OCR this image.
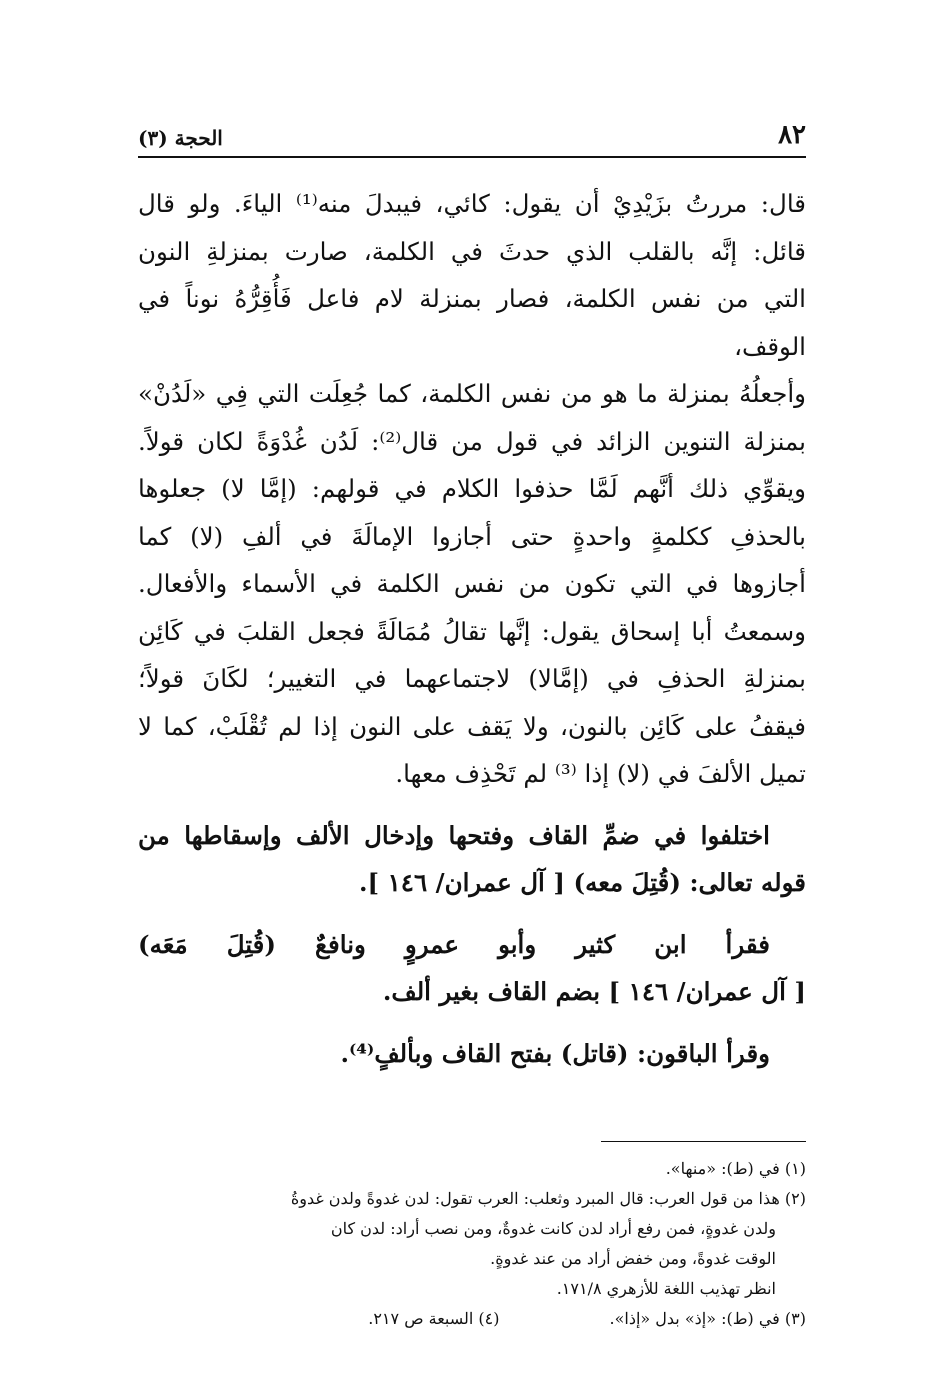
٨٢
الحجة (٣)

قال: مررتُ بزَيْدِيْ أن يقول: كائي، فيبدلَ منه⁽¹⁾ الياءَ. ولو قال
قائل: إنَّه بالقلب الذي حدثَ في الكلمة، صارت بمنزلةِ النون
التي من نفس الكلمة، فصار بمنزلة لام فاعل فَأُقِرُّهُ نوناً في الوقف،
وأجعلُهُ بمنزلة ما هو من نفس الكلمة، كما جُعِلَت التي فِي «لَدُنْ»
بمنزلة التنوين الزائد في قول من قال⁽²⁾: لَدُن غُدْوَةً لكان قولاً.
ويقوِّي ذلك أنَّهم لَمَّا حذفوا الكلام في قولهم: (إمَّا لا) جعلوها
بالحذفِ ككلمةٍ واحدةٍ حتى أجازوا الإمالَةَ في ألفِ (لا) كما
أجازوها في التي تكون من نفس الكلمة في الأسماء والأفعال.
وسمعتُ أبا إسحاق يقول: إنَّها تقالُ مُمَالَةً فجعل القلبَ في كَائِن
بمنزلةِ الحذفِ في (إمَّالا) لاجتماعهما في التغيير؛ لكَانَ قولاً؛
فيقفُ على كَائِن بالنون، ولا يَقف على النون إذا لم تُقْلَبْ، كما لا
تميل الألفَ في (لا) إذا ⁽³⁾ لم تَحْذِف معها.

اختلفوا في ضمِّ القاف وفتحها وإدخال الألف وإسقاطها من
قوله تعالى: (قُتِلَ معه) [ آل عمران/ ١٤٦ ].

فقرأ ابن كثير وأبو عمروٍ ونافعٌ (قُتِلَ مَعَه)
[ آل عمران/ ١٤٦ ] بضم القاف بغير ألف.

وقرأ الباقون: (قاتل) بفتح القاف وبألفٍ⁽⁴⁾.

(١) في (ط): «منها».
(٢) هذا من قول العرب: قال المبرد وثعلب: العرب تقول: لدن غدوةً ولدن غدوةُ
ولدن غدوةٍ، فمن رفع أراد لدن كانت غدوةٌ، ومن نصب أراد: لدن كان
الوقت غدوةً، ومن خفض أراد من عند غدوةٍ.
انظر تهذيب اللغة للأزهري ١٧١/٨.
(٣) في (ط): «إذ» بدل «إذا».
(٤) السبعة ص ٢١٧.
